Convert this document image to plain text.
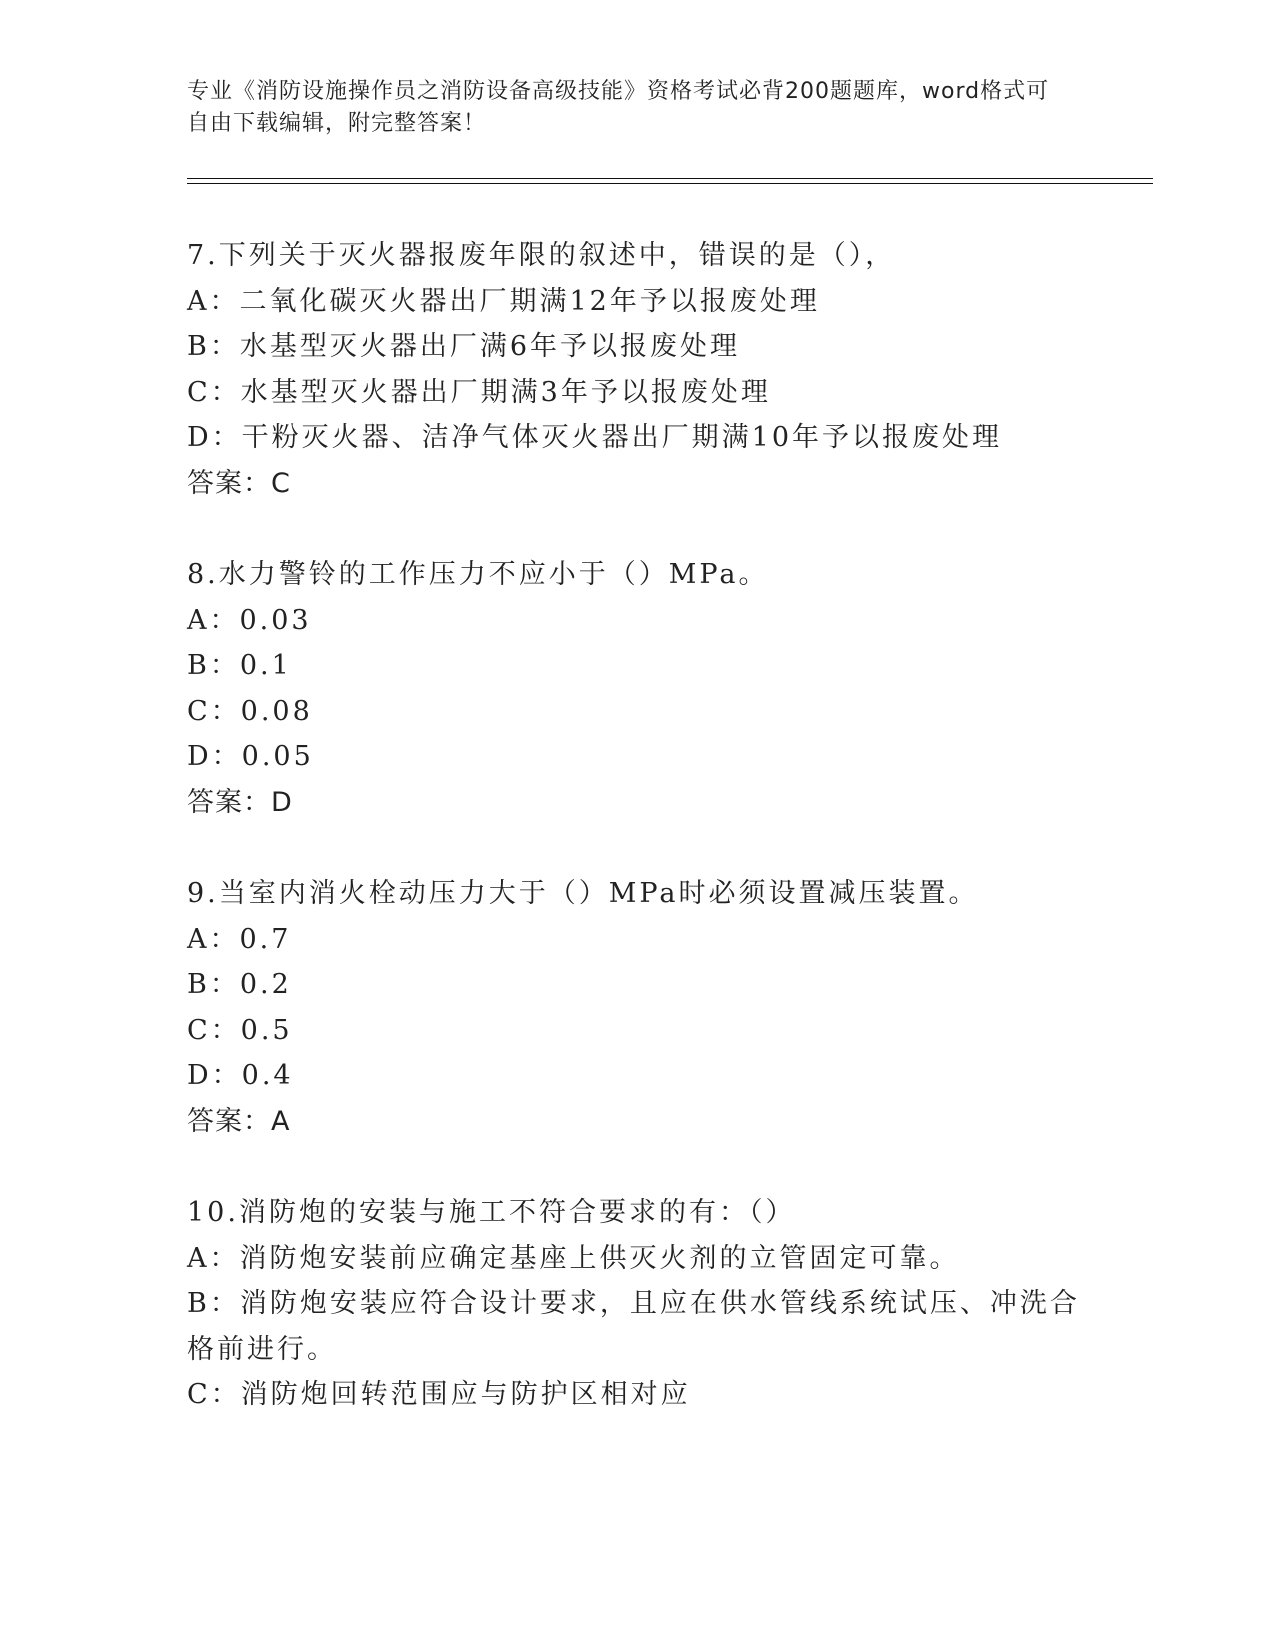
专业《消防设施操作员之消防设备高级技能》资格考试必背200题题库，word格式可自由下载编辑，附完整答案！
7.下列关于灭火器报废年限的叙述中，错误的是（），
A：二氧化碳灭火器出厂期满12年予以报废处理
B：水基型灭火器出厂满6年予以报废处理
C：水基型灭火器出厂期满3年予以报废处理
D：干粉灭火器、洁净气体灭火器出厂期满10年予以报废处理
答案：C
8.水力警铃的工作压力不应小于（）MPa。
A：0.03
B：0.1
C：0.08
D：0.05
答案：D
9.当室内消火栓动压力大于（）MPa时必须设置减压装置。
A：0.7
B：0.2
C：0.5
D：0.4
答案：A
10.消防炮的安装与施工不符合要求的有：（）
A：消防炮安装前应确定基座上供灭火剂的立管固定可靠。
B：消防炮安装应符合设计要求，且应在供水管线系统试压、冲洗合格前进行。
C：消防炮回转范围应与防护区相对应
